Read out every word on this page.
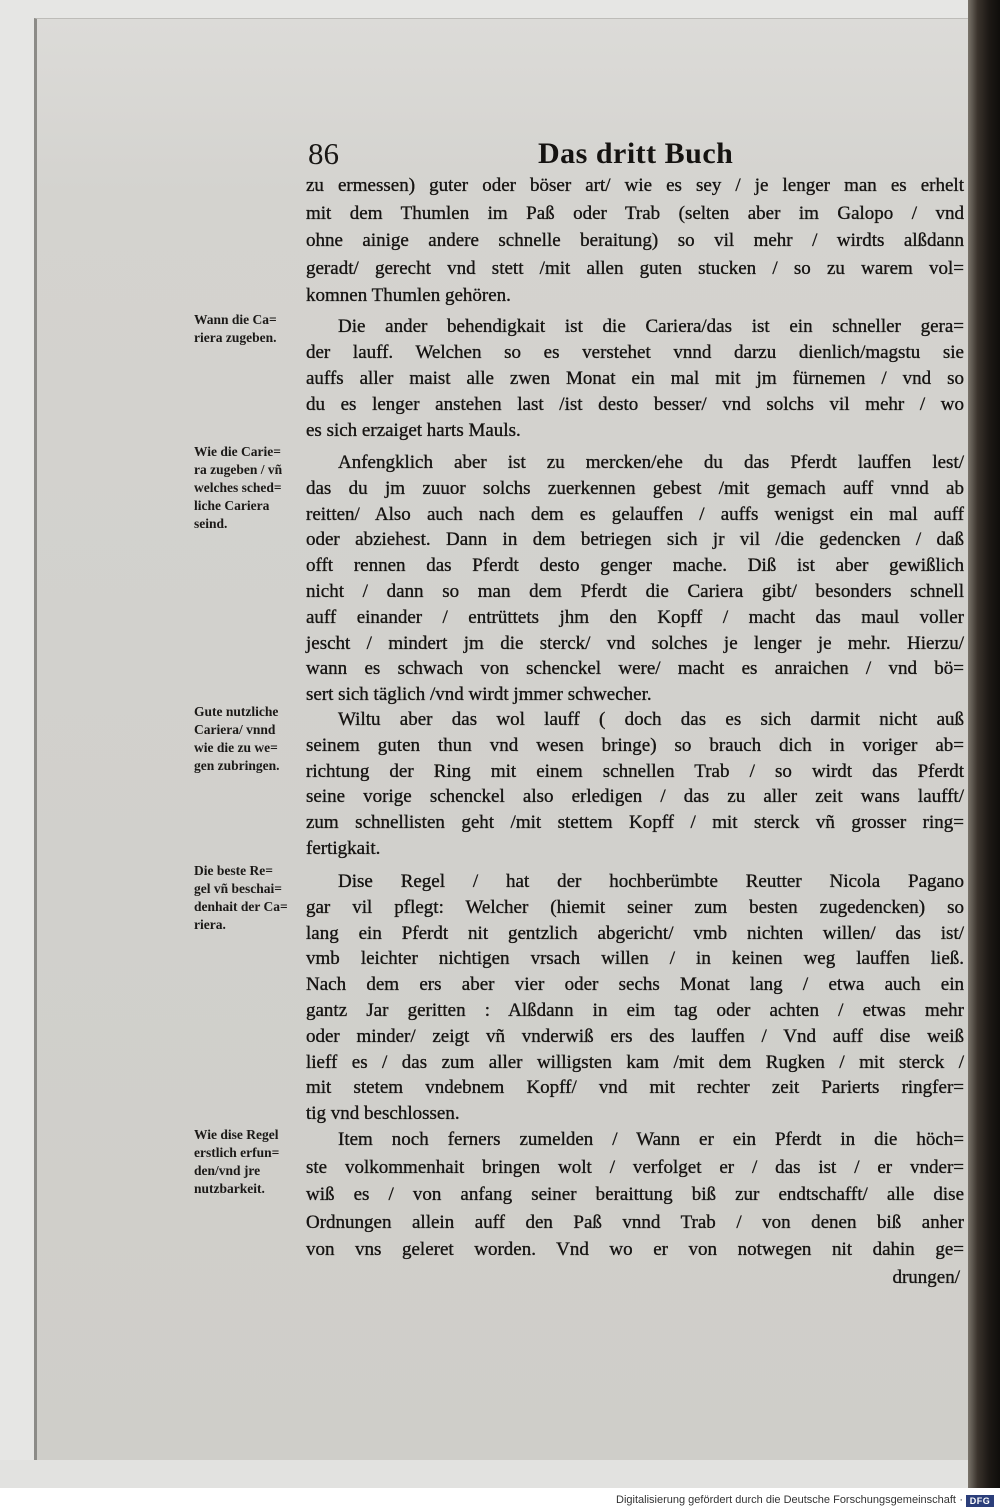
86	Das dritt Buch
zu ermessen) guter oder böser art/ wie es sey / je lenger man es erhelt
mit dem Thumlen im Paß oder Trab (selten aber im Galopo / vnd
ohne ainige andere schnelle beraitung) so vil mehr / wirdts alßdann
geradt/ gerecht vnd stett /mit allen guten stucken / so zu warem vol=
komnen Thumlen gehören.
Die ander behendigkait ist die Cariera/das ist ein schneller gera=
der lauff. Welchen so es verstehet vnnd darzu dienlich/magstu sie
auffs aller maist alle zwen Monat ein mal mit jm fürnemen / vnd so
du es lenger anstehen last /ist desto besser/ vnd solchs vil mehr / wo
es sich erzaiget harts Mauls.
Anfengklich aber ist zu mercken/ehe du das Pferdt lauffen lest/
das du jm zuuor solchs zuerkennen gebest /mit gemach auff vnnd ab
reitten/ Also auch nach dem es gelauffen / auffs wenigst ein mal auff
oder abziehest. Dann in dem betriegen sich jr vil /die gedencken / daß
offt rennen das Pferdt desto genger mache. Diß ist aber gewißlich
nicht / dann so man dem Pferdt die Cariera gibt/ besonders schnell
auff einander / entrüttets jhm den Kopff / macht das maul voller
jescht / mindert jm die sterck/ vnd solches je lenger je mehr. Hierzu/
wann es schwach von schenckel were/ macht es anraichen / vnd bö=
sert sich täglich /vnd wirdt jmmer schwecher.
Wiltu aber das wol lauff ( doch das es sich darmit nicht auß
seinem guten thun vnd wesen bringe) so brauch dich in voriger ab=
richtung der Ring mit einem schnellen Trab / so wirdt das Pferdt
seine vorige schenckel also erledigen / das zu aller zeit wans laufft/
zum schnellisten geht /mit stettem Kopff / mit sterck vñ grosser ring=
fertigkait.
Dise Regel / hat der hochberümbte Reutter Nicola Pagano
gar vil pflegt: Welcher (hiemit seiner zum besten zugedencken) so
lang ein Pferdt nit gentzlich abgericht/ vmb nichten willen/ das ist/
vmb leichter nichtigen vrsach willen / in keinen weg lauffen ließ.
Nach dem ers aber vier oder sechs Monat lang / etwa auch ein
gantz Jar geritten : Alßdann in eim tag oder achten / etwas mehr
oder minder/ zeigt vñ vnderwiß ers des lauffen / Vnd auff dise weiß
lieff es / das zum aller willigsten kam /mit dem Rugken / mit sterck /
mit stetem vndebnem Kopff/ vnd mit rechter zeit Parierts ringfer=
tig vnd beschlossen.
Item noch ferners zumelden / Wann er ein Pferdt in die höch=
ste volkommenhait bringen wolt / verfolget er / das ist / er vnder=
wiß es / von anfang seiner beraittung biß zur endtschafft/ alle dise
Ordnungen allein auff den Paß vnnd Trab / von denen biß anher
von vns geleret worden. Vnd wo er von notwegen nit dahin ge=
drungen/
Wann die Ca=
riera zugeben.
Wie die Carie=
ra zugeben / vñ
welches sched=
liche Cariera
seind.
Gute nutzliche
Cariera/ vnnd
wie die zu we=
gen zubringen.
Die beste Re=
gel vñ beschai=
denhait der Ca=
riera.
Wie dise Regel
erstlich erfun=
den/vnd jre
nutzbarkeit.
Digitalisierung gefördert durch die Deutsche Forschungsgemeinschaft · DFG
